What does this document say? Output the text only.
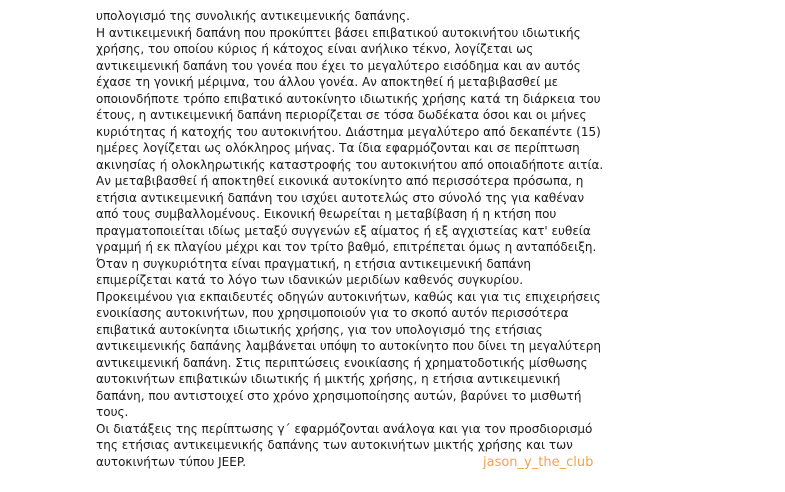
υπολογισμό της συνολικής αντικειμενικής δαπάνης.
Η αντικειμενική δαπάνη που προκύπτει βάσει επιβατικού αυτοκινήτου ιδιωτικής
χρήσης, του οποίου κύριος ή κάτοχος είναι ανήλικο τέκνο, λογίζεται ως
αντικειμενική δαπάνη του γονέα που έχει το μεγαλύτερο εισόδημα και αν αυτός
έχασε τη γονική μέριμνα, του άλλου γονέα. Αν αποκτηθεί ή μεταβιβασθεί με
οποιονδήποτε τρόπο επιβατικό αυτοκίνητο ιδιωτικής χρήσης κατά τη διάρκεια του
έτους, η αντικειμενική δαπάνη περιορίζεται σε τόσα δωδέκατα όσοι και οι μήνες
κυριότητας ή κατοχής του αυτοκινήτου. Διάστημα μεγαλύτερο από δεκαπέντε (15)
ημέρες λογίζεται ως ολόκληρος μήνας. Τα ίδια εφαρμόζονται και σε περίπτωση
ακινησίας ή ολοκληρωτικής καταστροφής του αυτοκινήτου από οποιαδήποτε αιτία.
Αν μεταβιβασθεί ή αποκτηθεί εικονικά αυτοκίνητο από περισσότερα πρόσωπα, η
ετήσια αντικειμενική δαπάνη του ισχύει αυτοτελώς στο σύνολό της για καθέναν
από τους συμβαλλομένους. Εικονική θεωρείται η μεταβίβαση ή η κτήση που
πραγματοποιείται ιδίως μεταξύ συγγενών εξ αίματος ή εξ αγχιστείας κατ' ευθεία
γραμμή ή εκ πλαγίου μέχρι και τον τρίτο βαθμό, επιτρέπεται όμως η ανταπόδειξη.
Όταν η συγκυριότητα είναι πραγματική, η ετήσια αντικειμενική δαπάνη
επιμερίζεται κατά το λόγο των ιδανικών μεριδίων καθενός συγκυρίου.
Προκειμένου για εκπαιδευτές οδηγών αυτοκινήτων, καθώς και για τις επιχειρήσεις
ενοικίασης αυτοκινήτων, που χρησιμοποιούν για το σκοπό αυτόν περισσότερα
επιβατικά αυτοκίνητα ιδιωτικής χρήσης, για τον υπολογισμό της ετήσιας
αντικειμενικής δαπάνης λαμβάνεται υπόψη το αυτοκίνητο που δίνει τη μεγαλύτερη
αντικειμενική δαπάνη. Στις περιπτώσεις ενοικίασης ή χρηματοδοτικής μίσθωσης
αυτοκινήτων επιβατικών ιδιωτικής ή μικτής χρήσης, η ετήσια αντικειμενική
δαπάνη, που αντιστοιχεί στο χρόνο χρησιμοποίησης αυτών, βαρύνει το μισθωτή
τους.
Οι διατάξεις της περίπτωσης γ΄ εφαρμόζονται ανάλογα και για τον προσδιορισμό
της ετήσιας αντικειμενικής δαπάνης των αυτοκινήτων μικτής χρήσης και των
αυτοκινήτων τύπου JEEP.	jason_y_the_club
